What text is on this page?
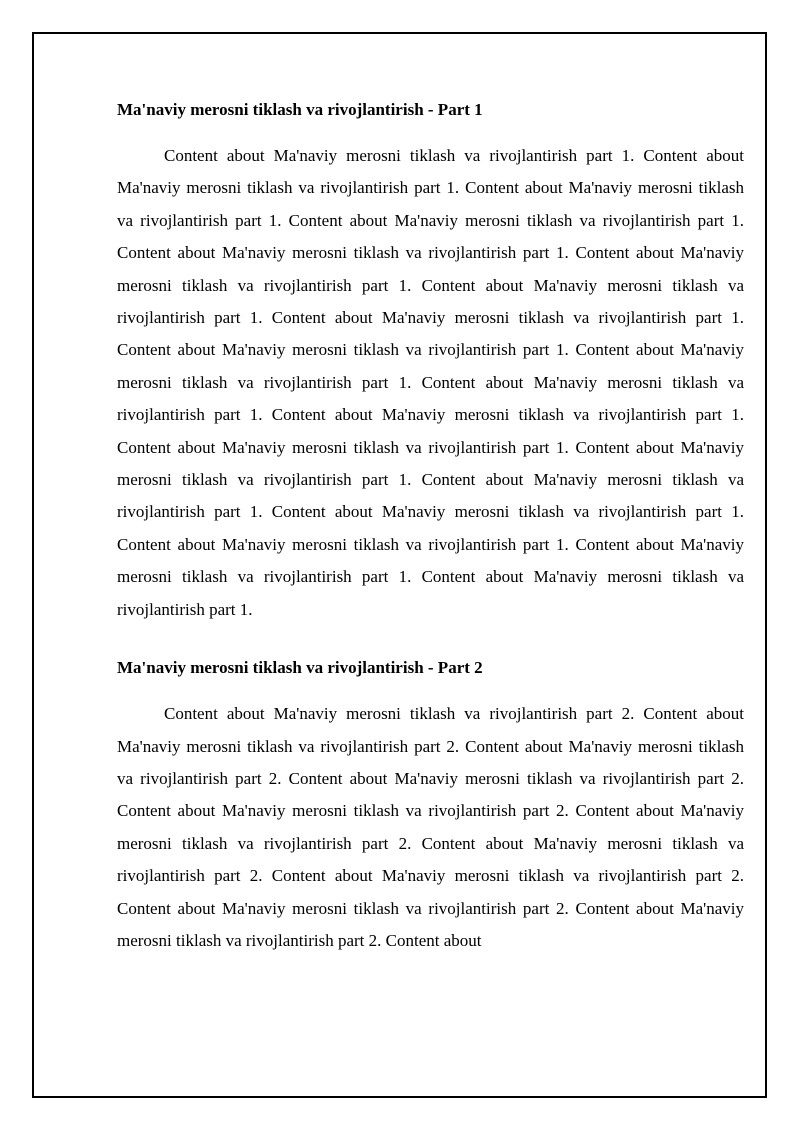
Ma'naviy merosni tiklash va rivojlantirish - Part 1

Content about Ma'naviy merosni tiklash va rivojlantirish part 1. Content about Ma'naviy merosni tiklash va rivojlantirish part 1. Content about Ma'naviy merosni tiklash va rivojlantirish part 1. Content about Ma'naviy merosni tiklash va rivojlantirish part 1. Content about Ma'naviy merosni tiklash va rivojlantirish part 1. Content about Ma'naviy merosni tiklash va rivojlantirish part 1. Content about Ma'naviy merosni tiklash va rivojlantirish part 1. Content about Ma'naviy merosni tiklash va rivojlantirish part 1. Content about Ma'naviy merosni tiklash va rivojlantirish part 1. Content about Ma'naviy merosni tiklash va rivojlantirish part 1. Content about Ma'naviy merosni tiklash va rivojlantirish part 1. Content about Ma'naviy merosni tiklash va rivojlantirish part 1. Content about Ma'naviy merosni tiklash va rivojlantirish part 1. Content about Ma'naviy merosni tiklash va rivojlantirish part 1. Content about Ma'naviy merosni tiklash va rivojlantirish part 1. Content about Ma'naviy merosni tiklash va rivojlantirish part 1. Content about Ma'naviy merosni tiklash va rivojlantirish part 1. Content about Ma'naviy merosni tiklash va rivojlantirish part 1. Content about Ma'naviy merosni tiklash va rivojlantirish part 1.

Ma'naviy merosni tiklash va rivojlantirish - Part 2

Content about Ma'naviy merosni tiklash va rivojlantirish part 2. Content about Ma'naviy merosni tiklash va rivojlantirish part 2. Content about Ma'naviy merosni tiklash va rivojlantirish part 2. Content about Ma'naviy merosni tiklash va rivojlantirish part 2. Content about Ma'naviy merosni tiklash va rivojlantirish part 2. Content about Ma'naviy merosni tiklash va rivojlantirish part 2. Content about Ma'naviy merosni tiklash va rivojlantirish part 2. Content about Ma'naviy merosni tiklash va rivojlantirish part 2. Content about Ma'naviy merosni tiklash va rivojlantirish part 2. Content about Ma'naviy merosni tiklash va rivojlantirish part 2. Content about
